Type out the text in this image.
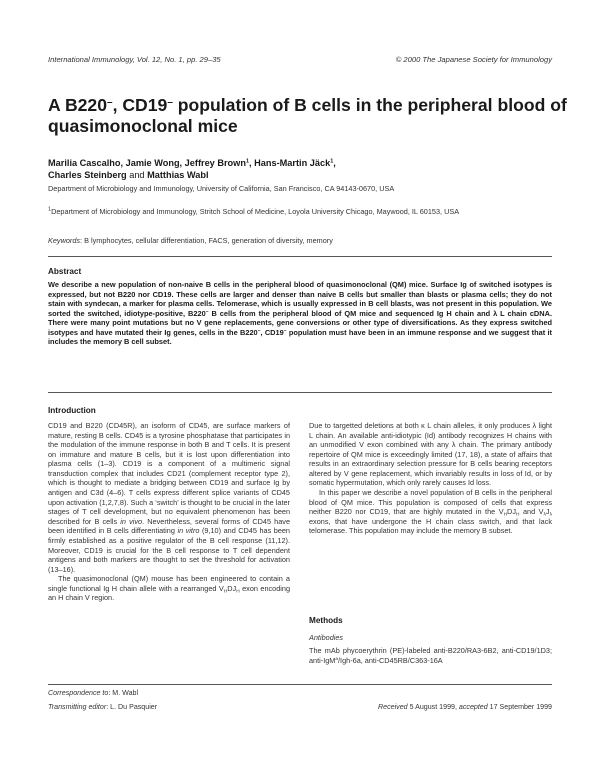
International Immunology, Vol. 12, No. 1, pp. 29–35	© 2000 The Japanese Society for Immunology
A B220–, CD19– population of B cells in the peripheral blood of quasimonoclonal mice
Marilia Cascalho, Jamie Wong, Jeffrey Brown$^1$, Hans-Martin Jäck$^1$,
Charles Steinberg and Matthias Wabl
Department of Microbiology and Immunology, University of California, San Francisco, CA 94143-0670, USA
$^1$Department of Microbiology and Immunology, Stritch School of Medicine, Loyola University Chicago, Maywood, IL 60153, USA
Keywords: B lymphocytes, cellular differentiation, FACS, generation of diversity, memory
Abstract
We describe a new population of non-naive B cells in the peripheral blood of quasimonoclonal (QM) mice. Surface Ig of switched isotypes is expressed, but not B220 nor CD19. These cells are larger and denser than naive B cells but smaller than blasts or plasma cells; they do not stain with syndecan, a marker for plasma cells. Telomerase, which is usually expressed in B cell blasts, was not present in this population. We sorted the switched, idiotype-positive, B220– B cells from the peripheral blood of QM mice and sequenced Ig H chain and λ L chain cDNA. There were many point mutations but no V gene replacements, gene conversions or other type of diversifications. As they express switched isotypes and have mutated their Ig genes, cells in the B220–, CD19– population must have been in an immune response and we suggest that it includes the memory B cell subset.
Introduction

CD19 and B220 (CD45R), an isoform of CD45, are surface markers of mature, resting B cells. CD45 is a tyrosine phosphatase that participates in the modulation of the immune response in both B and T cells. It is present on immature and mature B cells, but it is lost upon differentiation into plasma cells (1–3). CD19 is a component of a multimeric signal transduction complex that includes CD21 (complement receptor type 2), which is thought to mediate a bridging between CD19 and surface Ig by antigen and C3d (4–6). T cells express different splice variants of CD45 upon activation (1,2,7,8). Such a ‘switch’ is thought to be crucial in the later stages of T cell development, but no equivalent phenomenon has been described for B cells in vivo. Nevertheless, several forms of CD45 have been identified in B cells differentiating in vitro (9,10) and CD45 has been firmly established as a positive regulator of the B cell response (11,12). Moreover, CD19 is crucial for the B cell response to T cell dependent antigens and both markers are thought to set the threshold for activation (13–16).

The quasimonoclonal (QM) mouse has been engineered to contain a single functional Ig H chain allele with a rearranged $V_HDJ_H$ exon encoding an H chain V region.

Due to targetted deletions at both κ L chain alleles, it only produces λ light L chain. An available anti-idiotypic (Id) antibody recognizes H chains with an unmodified V exon combined with any λ chain. The primary antibody repertoire of QM mice is exceedingly limited (17, 18), a state of affairs that results in an extraordinary selection pressure for B cells bearing receptors altered by V gene replacement, which invariably results in loss of Id, or by somatic hypermutation, which only rarely causes Id loss.

In this paper we describe a novel population of B cells in the peripheral blood of QM mice. This population is composed of cells that express neither B220 nor CD19, that are highly mutated in the $V_HDJ_H$ and $V_\lambda J_\lambda$ exons, that have undergone the H chain class switch, and that lack telomerase. This population may include the memory B subset.

Methods
Antibodies

The mAb phycoerythrin (PE)-labeled anti-B220/RA3-6B2, anti-CD19/1D3; anti-IgM$^a$/Igh-6a, anti-CD45RB/C363-16A

Correspondence to: M. Wabl
Transmitting editor: L. Du Pasquier	Received 5 August 1999, accepted 17 September 1999
